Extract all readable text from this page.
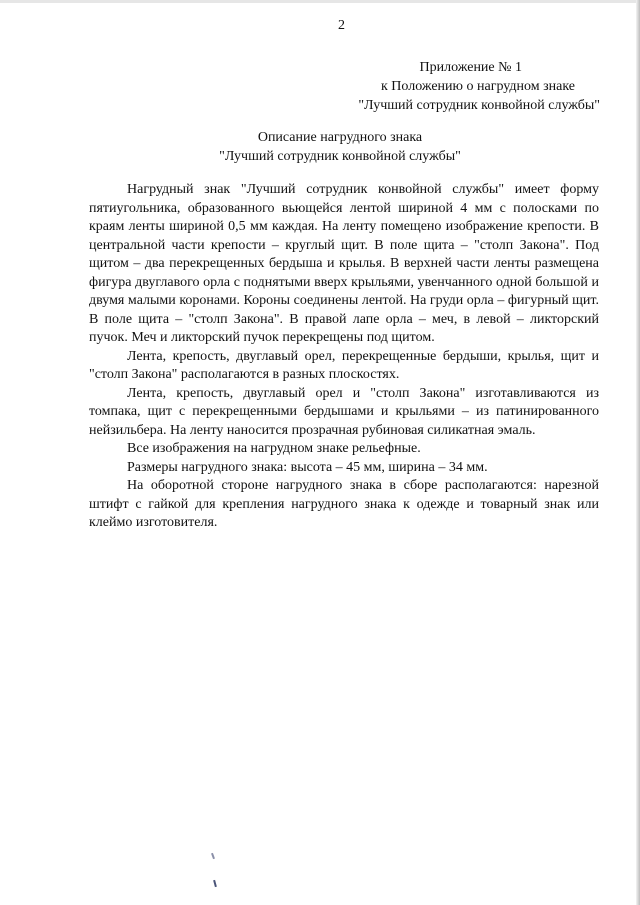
2
Приложение № 1
к Положению о нагрудном знаке
"Лучший сотрудник конвойной службы"
Описание нагрудного знака
"Лучший сотрудник конвойной службы"

Нагрудный знак "Лучший сотрудник конвойной службы" имеет форму пятиугольника, образованного вьющейся лентой шириной 4 мм с полосками по краям ленты шириной 0,5 мм каждая. На ленту помещено изображение крепости. В центральной части крепости – круглый щит. В поле щита – "столп Закона". Под щитом – два перекрещенных бердыша и крылья. В верхней части ленты размещена фигура двуглавого орла с поднятыми вверх крыльями, увенчанного одной большой и двумя малыми коронами. Короны соединены лентой. На груди орла – фигурный щит. В поле щита – "столп Закона". В правой лапе орла – меч, в левой – ликторский пучок. Меч и ликторский пучок перекрещены под щитом.

Лента, крепость, двуглавый орел, перекрещенные бердыши, крылья, щит и "столп Закона" располагаются в разных плоскостях.

Лента, крепость, двуглавый орел и "столп Закона" изготавливаются из томпака, щит с перекрещенными бердышами и крыльями – из патинированного нейзильбера. На ленту наносится прозрачная рубиновая силикатная эмаль.

Все изображения на нагрудном знаке рельефные.

Размеры нагрудного знака: высота – 45 мм, ширина – 34 мм.

На оборотной стороне нагрудного знака в сборе располагаются: нарезной штифт с гайкой для крепления нагрудного знака к одежде и товарный знак или клеймо изготовителя.
